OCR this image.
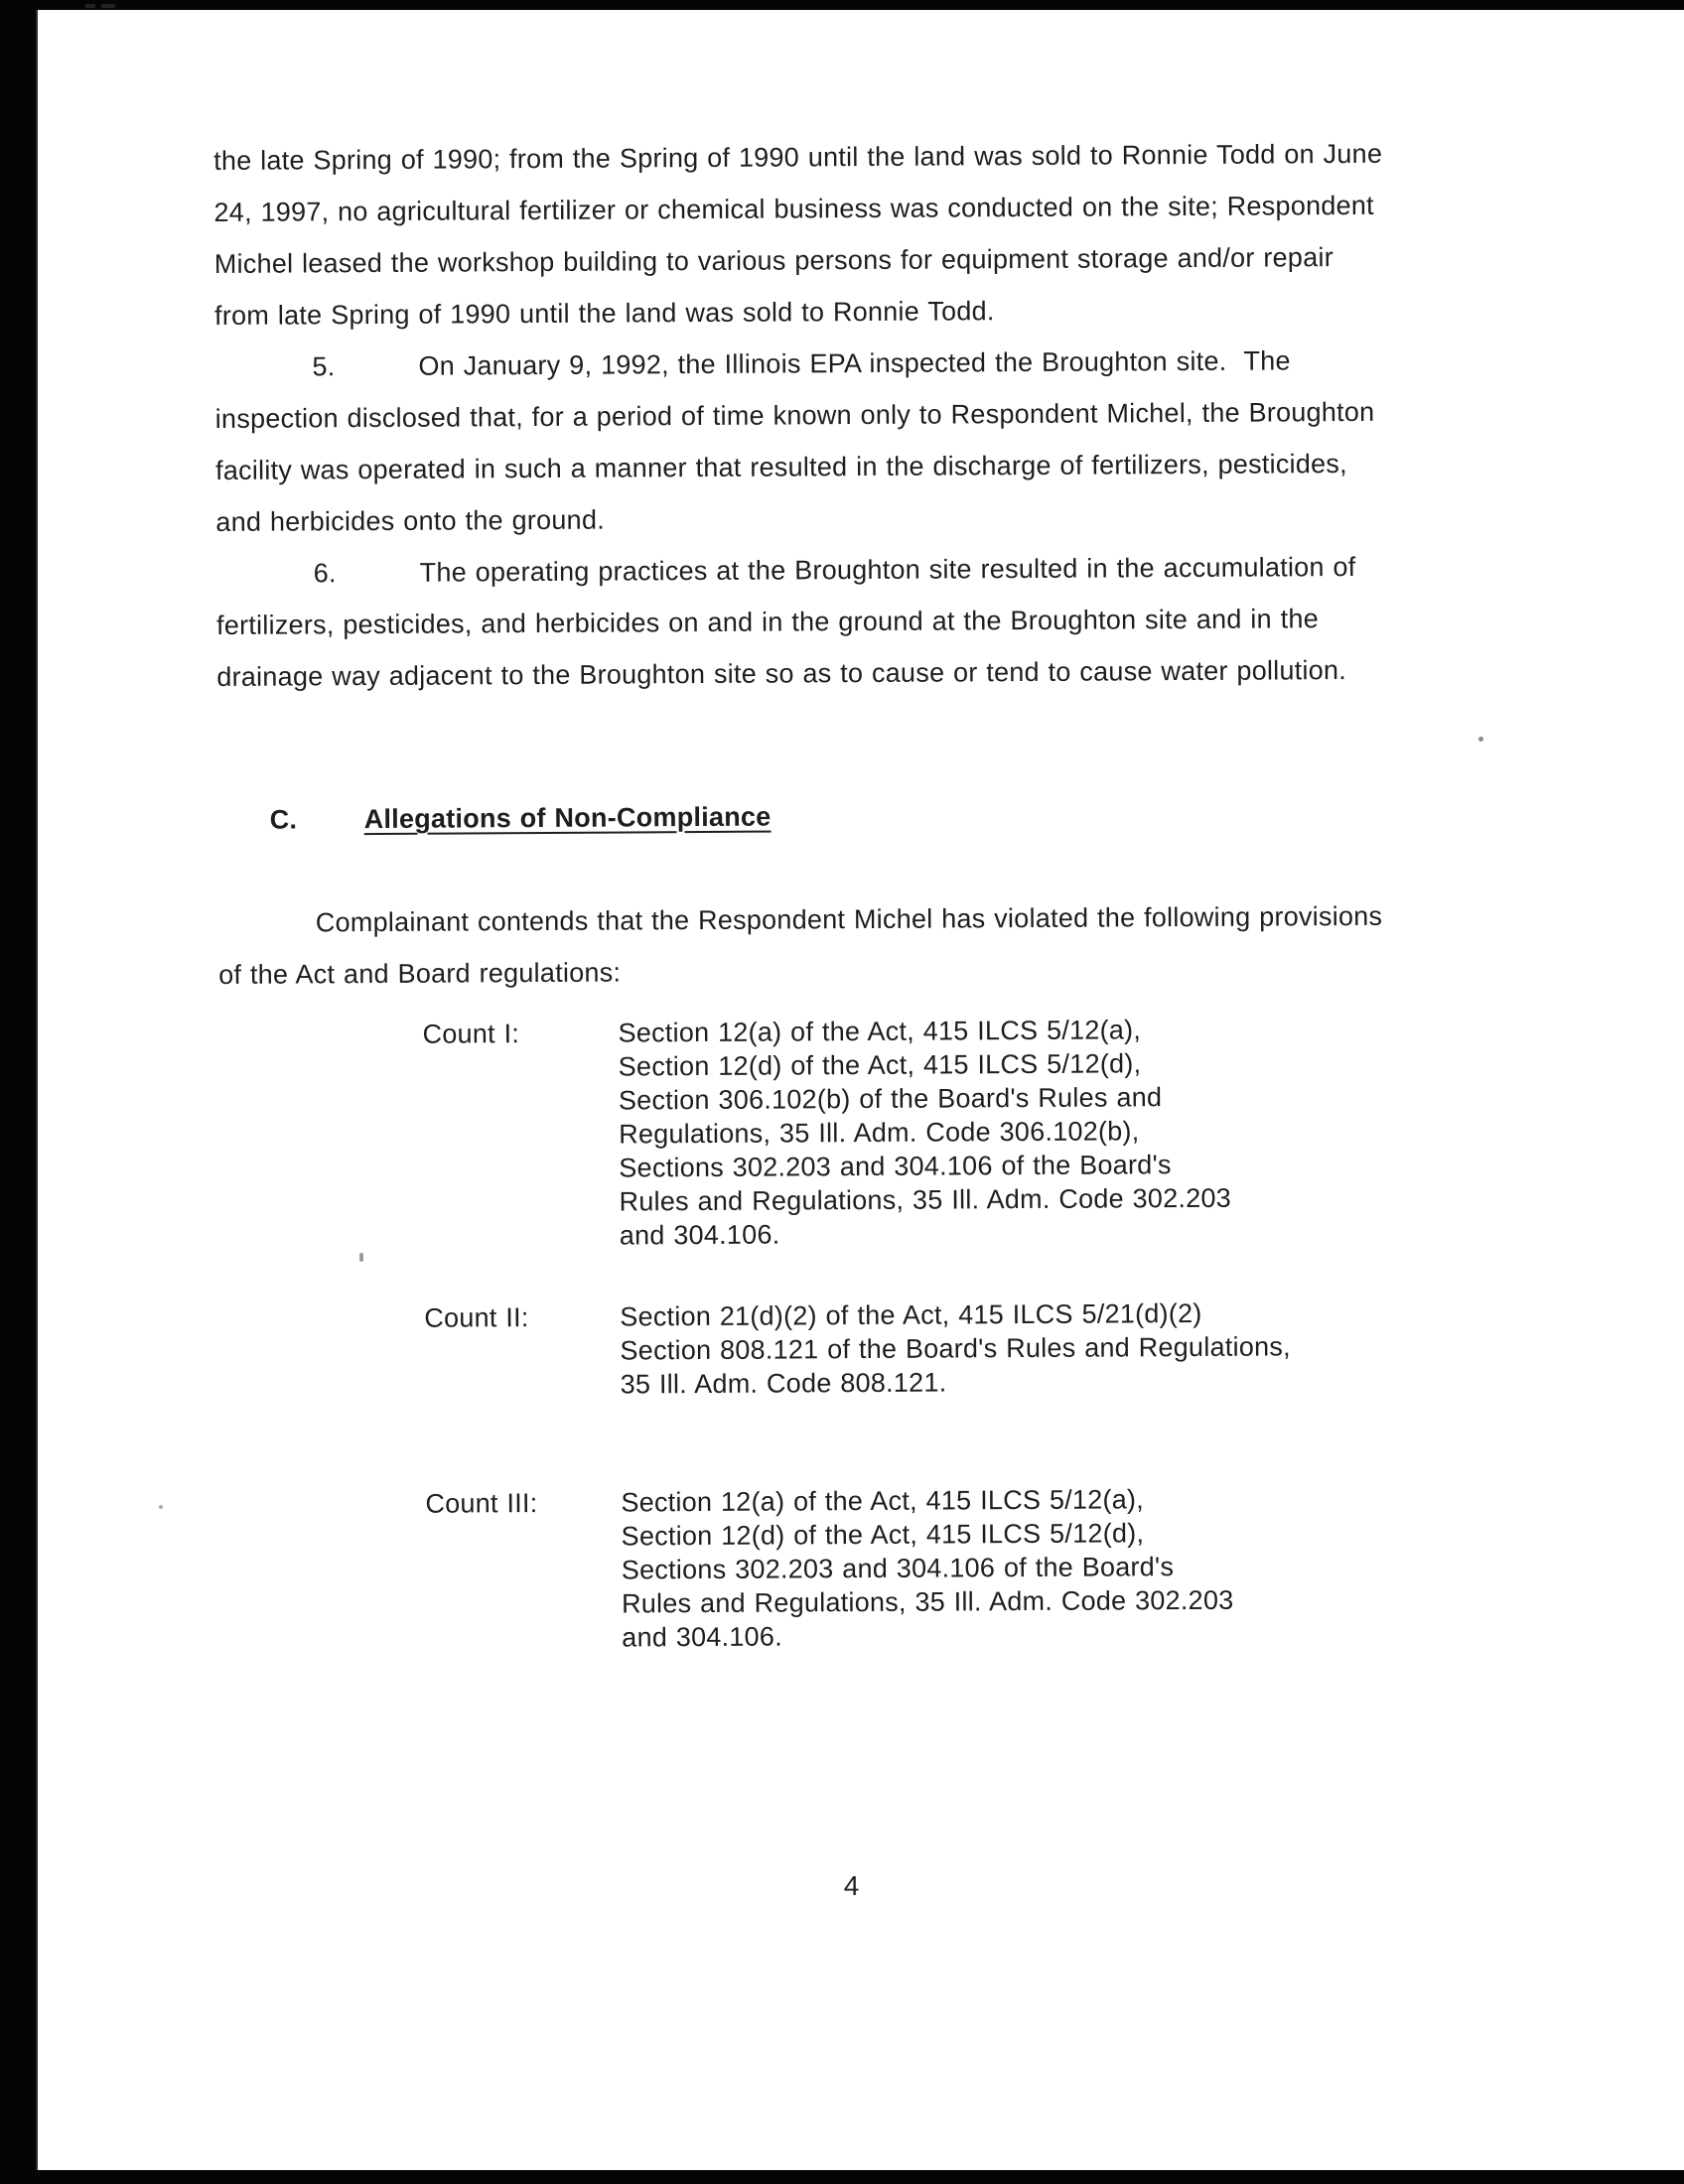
the late Spring of 1990; from the Spring of 1990 until the land was sold to Ronnie Todd on June
24, 1997, no agricultural fertilizer or chemical business was conducted on the site; Respondent
Michel leased the workshop building to various persons for equipment storage and/or repair
from late Spring of 1990 until the land was sold to Ronnie Todd.
5.	On January 9, 1992, the Illinois EPA inspected the Broughton site.  The
inspection disclosed that, for a period of time known only to Respondent Michel, the Broughton
facility was operated in such a manner that resulted in the discharge of fertilizers, pesticides,
and herbicides onto the ground.
6.	The operating practices at the Broughton site resulted in the accumulation of
fertilizers, pesticides, and herbicides on and in the ground at the Broughton site and in the
drainage way adjacent to the Broughton site so as to cause or tend to cause water pollution.

C. Allegations of Non-Compliance

Complainant contends that the Respondent Michel has violated the following provisions
of the Act and Board regulations:
Count I:	Section 12(a) of the Act, 415 ILCS 5/12(a),
Section 12(d) of the Act, 415 ILCS 5/12(d),
Section 306.102(b) of the Board's Rules and
Regulations, 35 Ill. Adm. Code 306.102(b),
Sections 302.203 and 304.106 of the Board's
Rules and Regulations, 35 Ill. Adm. Code 302.203
and 304.106.
Count II:	Section 21(d)(2) of the Act, 415 ILCS 5/21(d)(2)
Section 808.121 of the Board's Rules and Regulations,
35 Ill. Adm. Code 808.121.
Count III:	Section 12(a) of the Act, 415 ILCS 5/12(a),
Section 12(d) of the Act, 415 ILCS 5/12(d),
Sections 302.203 and 304.106 of the Board's
Rules and Regulations, 35 Ill. Adm. Code 302.203
and 304.106.
4
